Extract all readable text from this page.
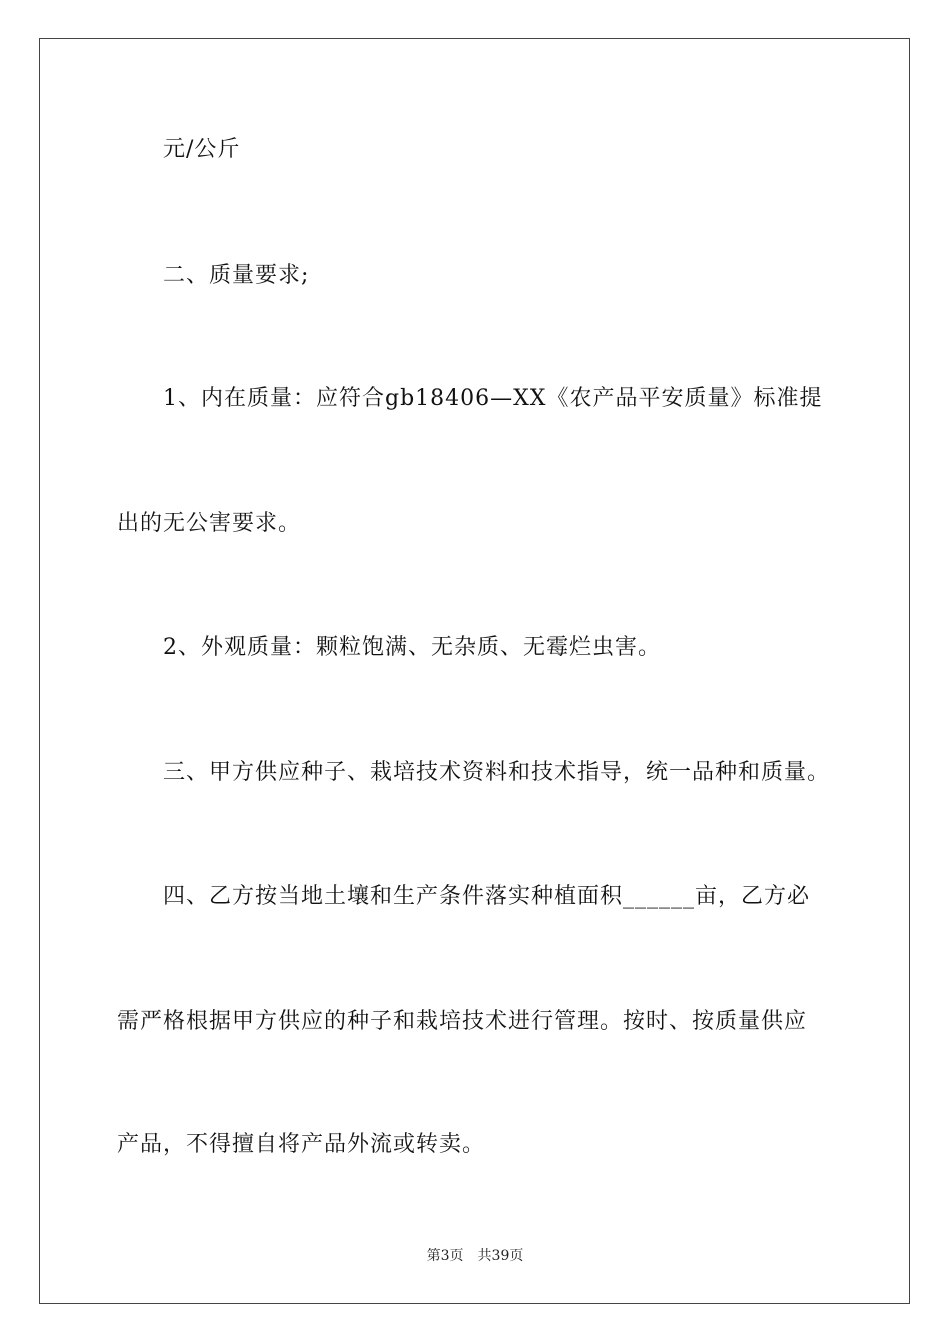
元/公斤
二、质量要求;
1、内在质量：应符合gb18406—XX《农产品平安质量》标准提
出的无公害要求。
2、外观质量：颗粒饱满、无杂质、无霉烂虫害。
三、甲方供应种子、栽培技术资料和技术指导，统一品种和质量。
四、乙方按当地土壤和生产条件落实种植面积______亩，乙方必
需严格根据甲方供应的种子和栽培技术进行管理。按时、按质量供应
产品，不得擅自将产品外流或转卖。
第3页 共39页
